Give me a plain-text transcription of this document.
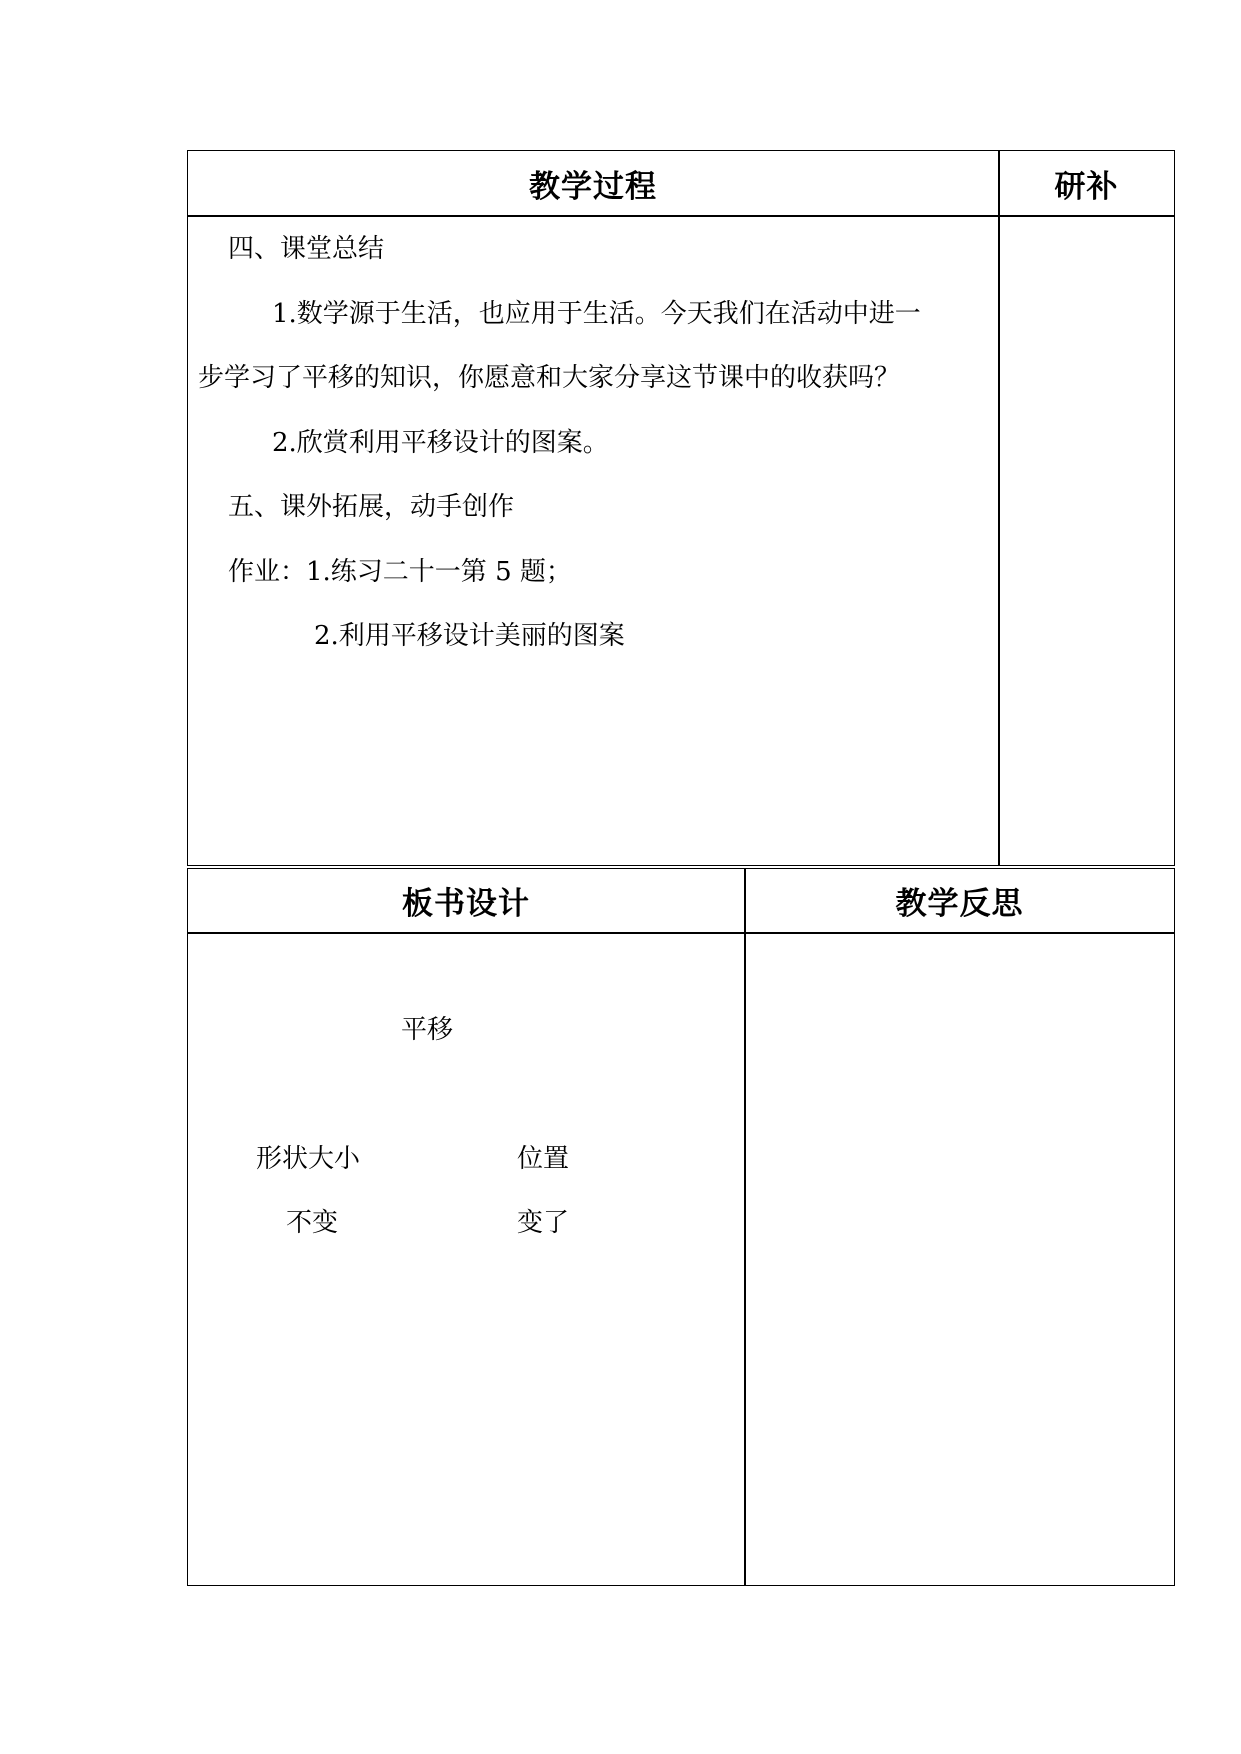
教学过程	研补
四、课堂总结
1.数学源于生活，也应用于生活。今天我们在活动中进一
步学习了平移的知识，你愿意和大家分享这节课中的收获吗？
2.欣赏利用平移设计的图案。
五、课外拓展，动手创作
作业：1.练习二十一第 5 题；
2.利用平移设计美丽的图案
板书设计	教学反思
平移
形状大小	位置
不变	变了
